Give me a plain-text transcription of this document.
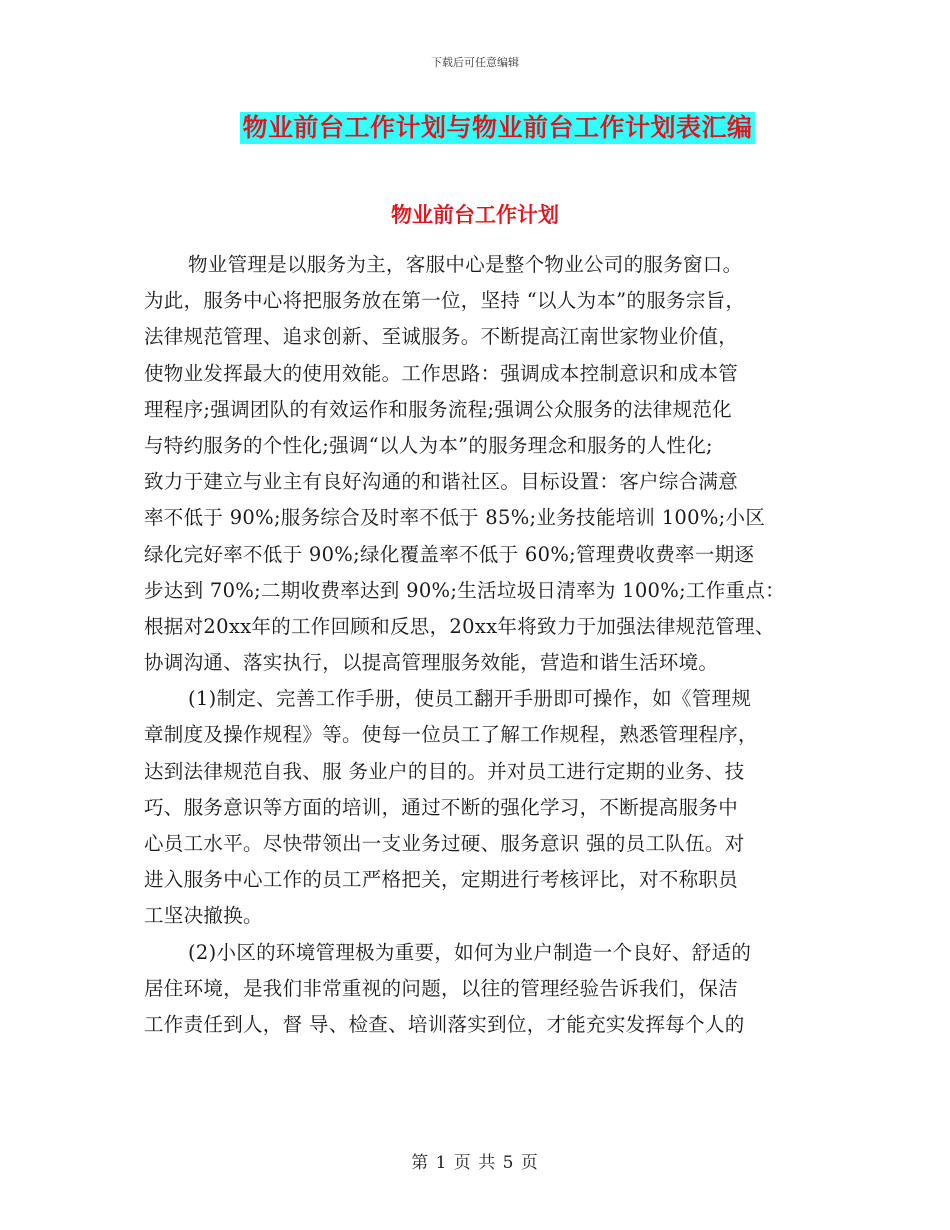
下载后可任意编辑
物业前台工作计划与物业前台工作计划表汇编
物业前台工作计划
物业管理是以服务为主，客服中心是整个物业公司的服务窗口。
为此，服务中心将把服务放在第一位，坚持 “以人为本”的服务宗旨，
法律规范管理、追求创新、至诚服务。不断提高江南世家物业价值，
使物业发挥最大的使用效能。工作思路：强调成本控制意识和成本管
理程序;强调团队的有效运作和服务流程;强调公众服务的法律规范化
与特约服务的个性化;强调“以人为本”的服务理念和服务的人性化;
致力于建立与业主有良好沟通的和谐社区。目标设置：客户综合满意
率不低于 90%;服务综合及时率不低于 85%;业务技能培训 100%;小区
绿化完好率不低于 90%;绿化覆盖率不低于 60%;管理费收费率一期逐
步达到 70%;二期收费率达到 90%;生活垃圾日清率为 100%;工作重点：
根据对20xx年的工作回顾和反思，20xx年将致力于加强法律规范管理、
协调沟通、落实执行，以提高管理服务效能，营造和谐生活环境。
(1)制定、完善工作手册，使员工翻开手册即可操作，如《管理规
章制度及操作规程》等。使每一位员工了解工作规程，熟悉管理程序，
达到法律规范自我、服 务业户的目的。并对员工进行定期的业务、技
巧、服务意识等方面的培训，通过不断的强化学习，不断提高服务中
心员工水平。尽快带领出一支业务过硬、服务意识 强的员工队伍。对
进入服务中心工作的员工严格把关，定期进行考核评比，对不称职员
工坚决撤换。
(2)小区的环境管理极为重要，如何为业户制造一个良好、舒适的
居住环境，是我们非常重视的问题，以往的管理经验告诉我们，保洁
工作责任到人，督 导、检查、培训落实到位，才能充实发挥每个人的
第 1 页 共 5 页
